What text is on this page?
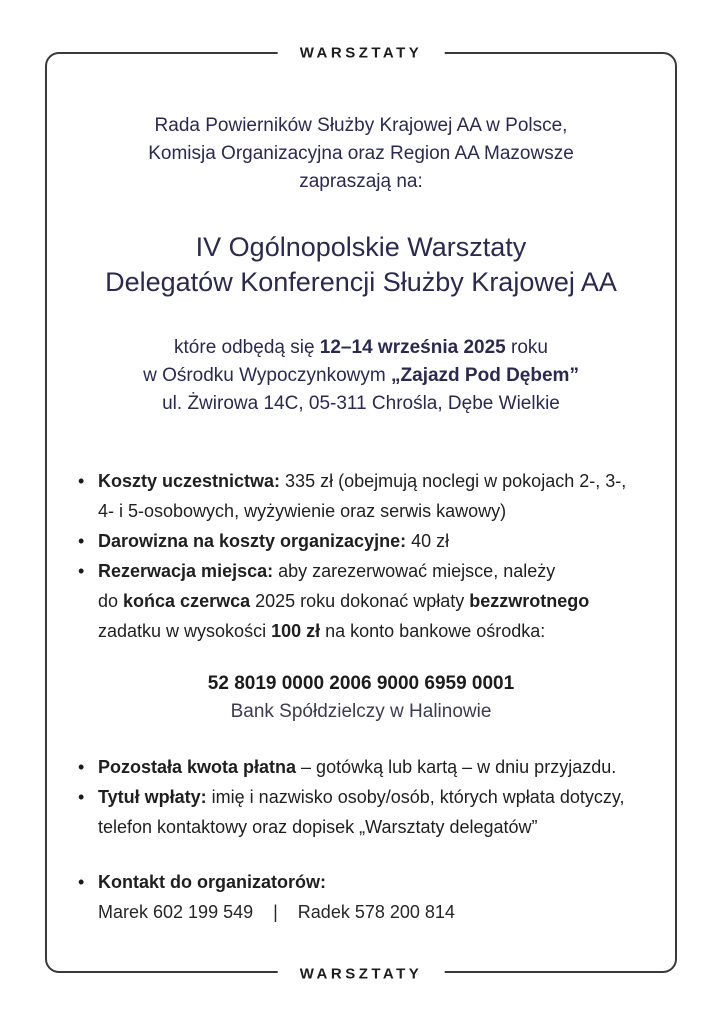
WARSZTATY
Rada Powierników Służby Krajowej AA w Polsce,
Komisja Organizacyjna oraz Region AA Mazowsze
zapraszają na:
IV Ogólnopolskie Warsztaty
Delegatów Konferencji Służby Krajowej AA
które odbędą się 12–14 września 2025 roku
w Ośrodku Wypoczynkowym „Zajazd Pod Dębem”
ul. Żwirowa 14C, 05-311 Chrośla, Dębe Wielkie
• Koszty uczestnictwa: 335 zł (obejmują noclegi w pokojach 2-, 3-,
4- i 5-osobowych, wyżywienie oraz serwis kawowy)
• Darowizna na koszty organizacyjne: 40 zł
• Rezerwacja miejsca: aby zarezerwować miejsce, należy
do końca czerwca 2025 roku dokonać wpłaty bezzwrotnego
zadatku w wysokości 100 zł na konto bankowe ośrodka:
52 8019 0000 2006 9000 6959 0001
Bank Spółdzielczy w Halinowie
• Pozostała kwota płatna – gotówką lub kartą – w dniu przyjazdu.
• Tytuł wpłaty: imię i nazwisko osoby/osób, których wpłata dotyczy,
telefon kontaktowy oraz dopisek „Warsztaty delegatów”
• Kontakt do organizatorów:
Marek 602 199 549    |    Radek 578 200 814
WARSZTATY
